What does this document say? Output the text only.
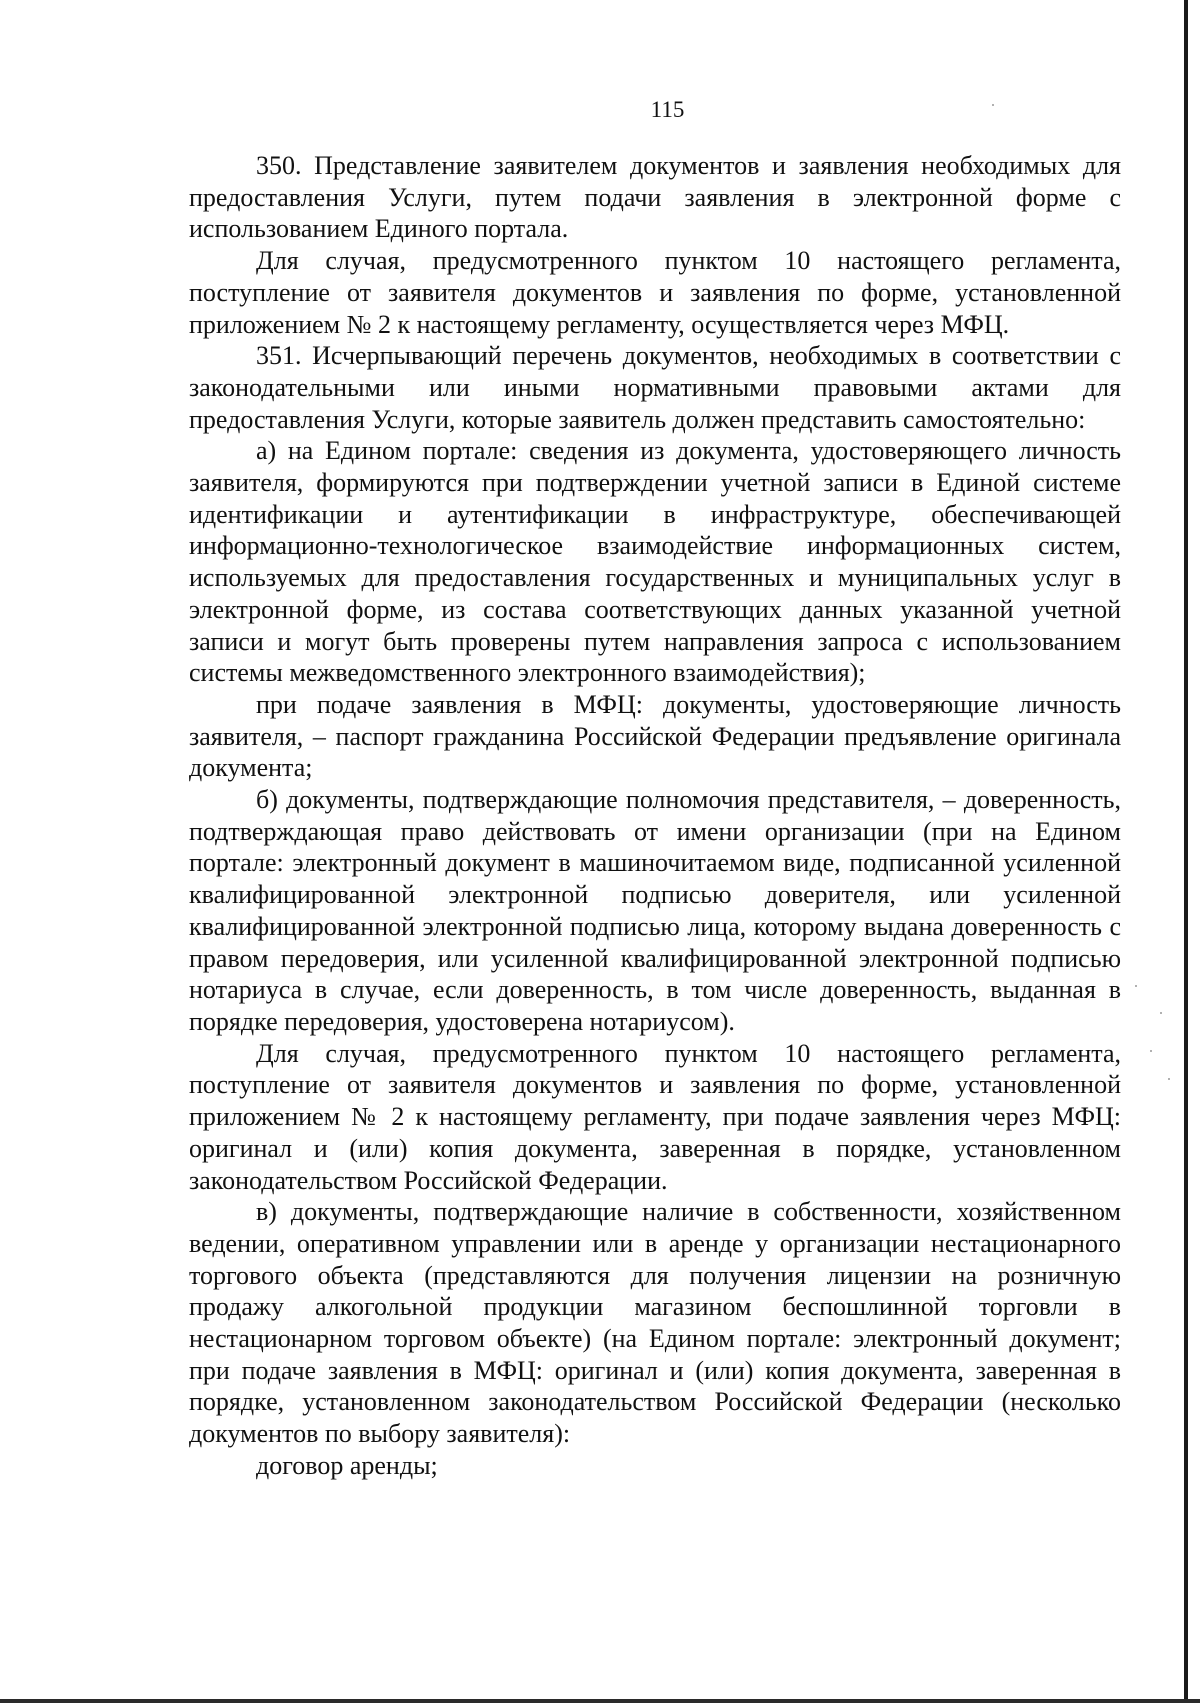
115

350. Представление заявителем документов и заявления необходимых для предоставления Услуги, путем подачи заявления в электронной форме с использованием Единого портала.

Для случая, предусмотренного пунктом 10 настоящего регламента, поступление от заявителя документов и заявления по форме, установленной приложением № 2 к настоящему регламенту, осуществляется через МФЦ.

351. Исчерпывающий перечень документов, необходимых в соответствии с законодательными или иными нормативными правовыми актами для предоставления Услуги, которые заявитель должен представить самостоятельно:

а) на Едином портале: сведения из документа, удостоверяющего личность заявителя, формируются при подтверждении учетной записи в Единой системе идентификации и аутентификации в инфраструктуре, обеспечивающей информационно-технологическое взаимодействие информационных систем, используемых для предоставления государственных и муниципальных услуг в электронной форме, из состава соответствующих данных указанной учетной записи и могут быть проверены путем направления запроса с использованием системы межведомственного электронного взаимодействия);

при подаче заявления в МФЦ: документы, удостоверяющие личность заявителя, – паспорт гражданина Российской Федерации предъявление оригинала документа;

б) документы, подтверждающие полномочия представителя, – доверенность, подтверждающая право действовать от имени организации (при на Едином портале: электронный документ в машиночитаемом виде, подписанной усиленной квалифицированной электронной подписью доверителя, или усиленной квалифицированной электронной подписью лица, которому выдана доверенность с правом передоверия, или усиленной квалифицированной электронной подписью нотариуса в случае, если доверенность, в том числе доверенность, выданная в порядке передоверия, удостоверена нотариусом).

Для случая, предусмотренного пунктом 10 настоящего регламента, поступление от заявителя документов и заявления по форме, установленной приложением № 2 к настоящему регламенту, при подаче заявления через МФЦ: оригинал и (или) копия документа, заверенная в порядке, установленном законодательством Российской Федерации.

в) документы, подтверждающие наличие в собственности, хозяйственном ведении, оперативном управлении или в аренде у организации нестационарного торгового объекта (представляются для получения лицензии на розничную продажу алкогольной продукции магазином беспошлинной торговли в нестационарном торговом объекте) (на Едином портале: электронный документ; при подаче заявления в МФЦ: оригинал и (или) копия документа, заверенная в порядке, установленном законодательством Российской Федерации (несколько документов по выбору заявителя):

договор аренды;
